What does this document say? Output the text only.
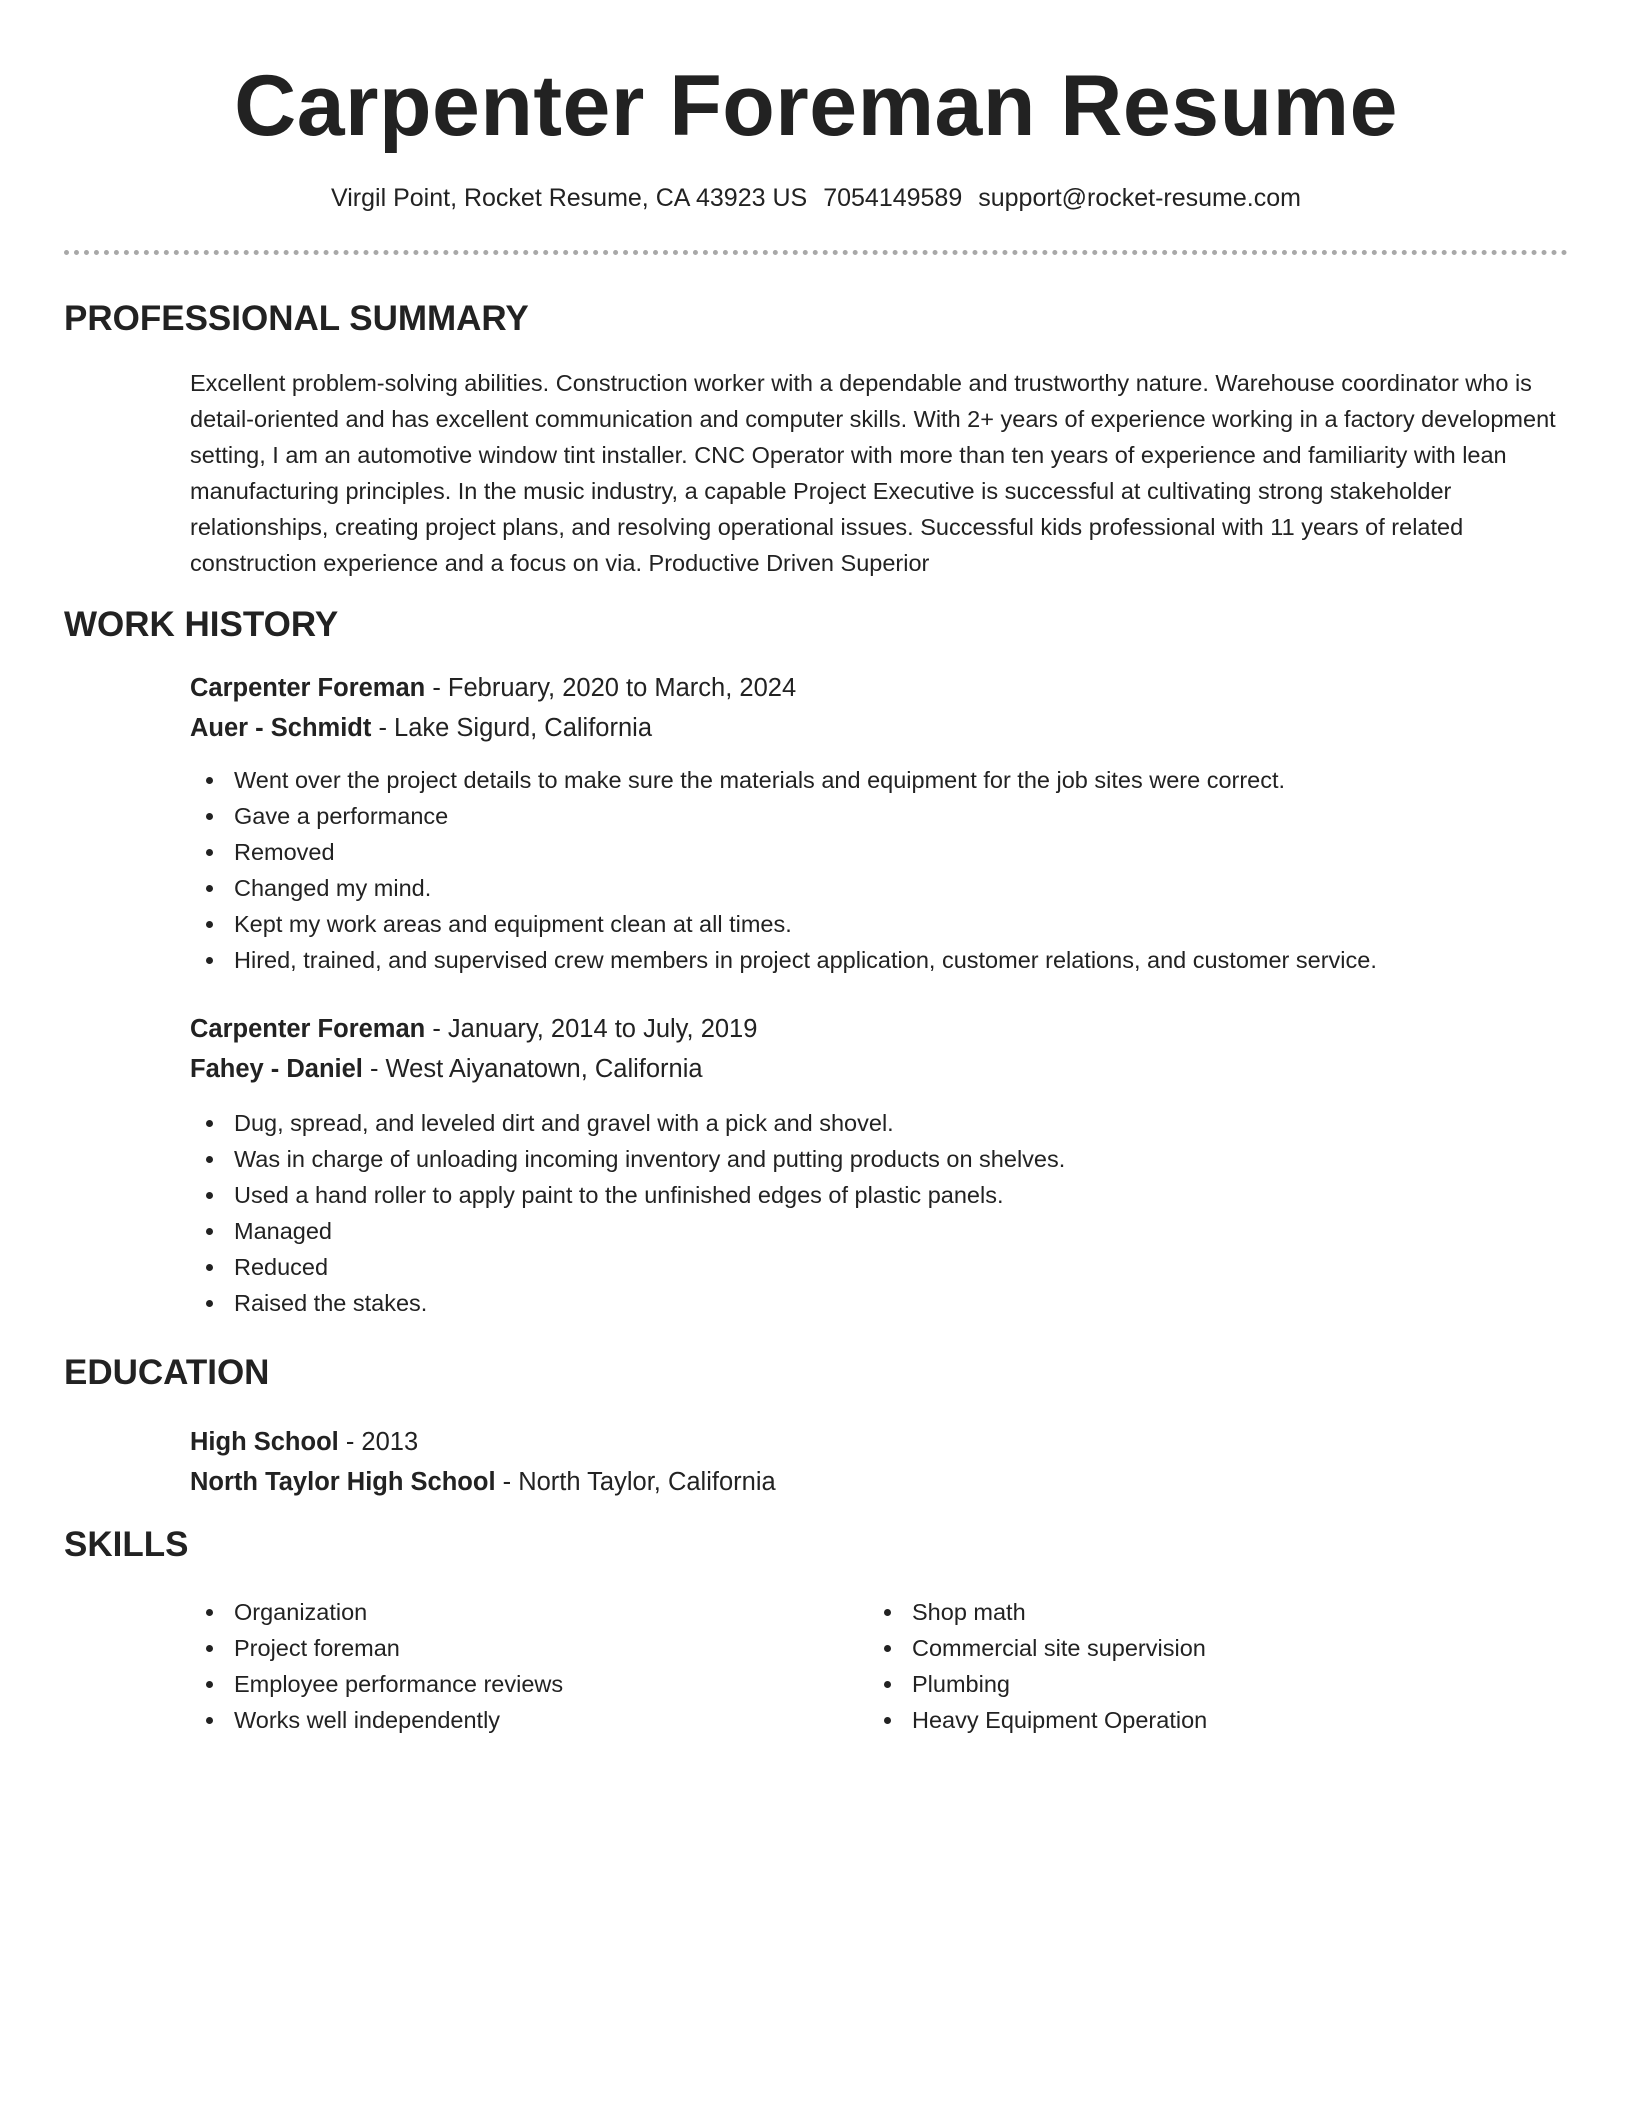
Carpenter Foreman Resume
Virgil Point, Rocket Resume, CA 43923 US 7054149589 support@rocket-resume.com
PROFESSIONAL SUMMARY
Excellent problem-solving abilities. Construction worker with a dependable and trustworthy nature. Warehouse coordinator who is detail-oriented and has excellent communication and computer skills. With 2+ years of experience working in a factory development setting, I am an automotive window tint installer. CNC Operator with more than ten years of experience and familiarity with lean manufacturing principles. In the music industry, a capable Project Executive is successful at cultivating strong stakeholder relationships, creating project plans, and resolving operational issues. Successful kids professional with 11 years of related construction experience and a focus on via. Productive Driven Superior
WORK HISTORY
Carpenter Foreman - February, 2020 to March, 2024
Auer - Schmidt - Lake Sigurd, California
Went over the project details to make sure the materials and equipment for the job sites were correct.
Gave a performance
Removed
Changed my mind.
Kept my work areas and equipment clean at all times.
Hired, trained, and supervised crew members in project application, customer relations, and customer service.
Carpenter Foreman - January, 2014 to July, 2019
Fahey - Daniel - West Aiyanatown, California
Dug, spread, and leveled dirt and gravel with a pick and shovel.
Was in charge of unloading incoming inventory and putting products on shelves.
Used a hand roller to apply paint to the unfinished edges of plastic panels.
Managed
Reduced
Raised the stakes.
EDUCATION
High School - 2013
North Taylor High School - North Taylor, California
SKILLS
Organization
Project foreman
Employee performance reviews
Works well independently
Shop math
Commercial site supervision
Plumbing
Heavy Equipment Operation
